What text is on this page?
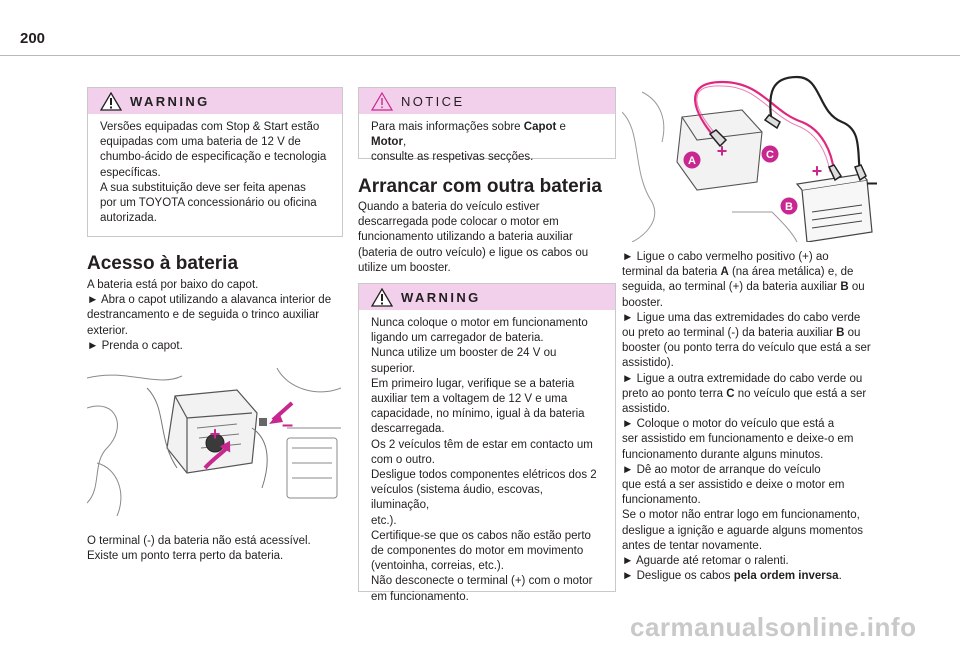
200
WARNING

Versões equipadas com Stop & Start estão

equipadas com uma bateria de 12 V de

chumbo-ácido de especificação e tecnologia

específicas.

A sua substituição deve ser feita apenas

por um TOYOTA concessionário ou oficina

autorizada.

Acesso à bateria

A bateria está por baixo do capot.

► Abra o capot utilizando a alavanca interior de

destrancamento e de seguida o trinco auxiliar

exterior.

► Prenda o capot.

+	–

O terminal (-) da bateria não está acessível.

Existe um ponto terra perto da bateria.

NOTICE

Para mais informações sobre Capot e Motor,

consulte as respetivas secções.

Arrancar com outra bateria

Quando a bateria do veículo estiver

descarregada pode colocar o motor em

funcionamento utilizando a bateria auxiliar

(bateria de outro veículo) e ligue os cabos ou

utilize um booster.

WARNING

Nunca coloque o motor em funcionamento

ligando um carregador de bateria.

Nunca utilize um booster de 24 V ou superior.

Em primeiro lugar, verifique se a bateria

auxiliar tem a voltagem de 12 V e uma

capacidade, no mínimo, igual à da bateria

descarregada.

Os 2 veículos têm de estar em contacto um

com o outro.

Desligue todos componentes elétricos dos 2

veículos (sistema áudio, escovas, iluminação,

etc.).

Certifique-se que os cabos não estão perto

de componentes do motor em movimento

(ventoinha, correias, etc.).

Não desconecte o terminal (+) com o motor

em funcionamento.

+
+
–
A	C
B

► Ligue o cabo vermelho positivo (+) ao

terminal da bateria A (na área metálica) e, de

seguida, ao terminal (+) da bateria auxiliar B ou

booster.

► Ligue uma das extremidades do cabo verde

ou preto ao terminal (-) da bateria auxiliar B ou

booster (ou ponto terra do veículo que está a ser

assistido).

► Ligue a outra extremidade do cabo verde ou

preto ao ponto terra C no veículo que está a ser

assistido.

► Coloque o motor do veículo que está a

ser assistido em funcionamento e deixe-o em

funcionamento durante alguns minutos.

► Dê ao motor de arranque do veículo

que está a ser assistido e deixe o motor em

funcionamento.

Se o motor não entrar logo em funcionamento,

desligue a ignição e aguarde alguns momentos

antes de tentar novamente.

► Aguarde até retomar o ralenti.

► Desligue os cabos pela ordem inversa.

carmanualsonline.info
